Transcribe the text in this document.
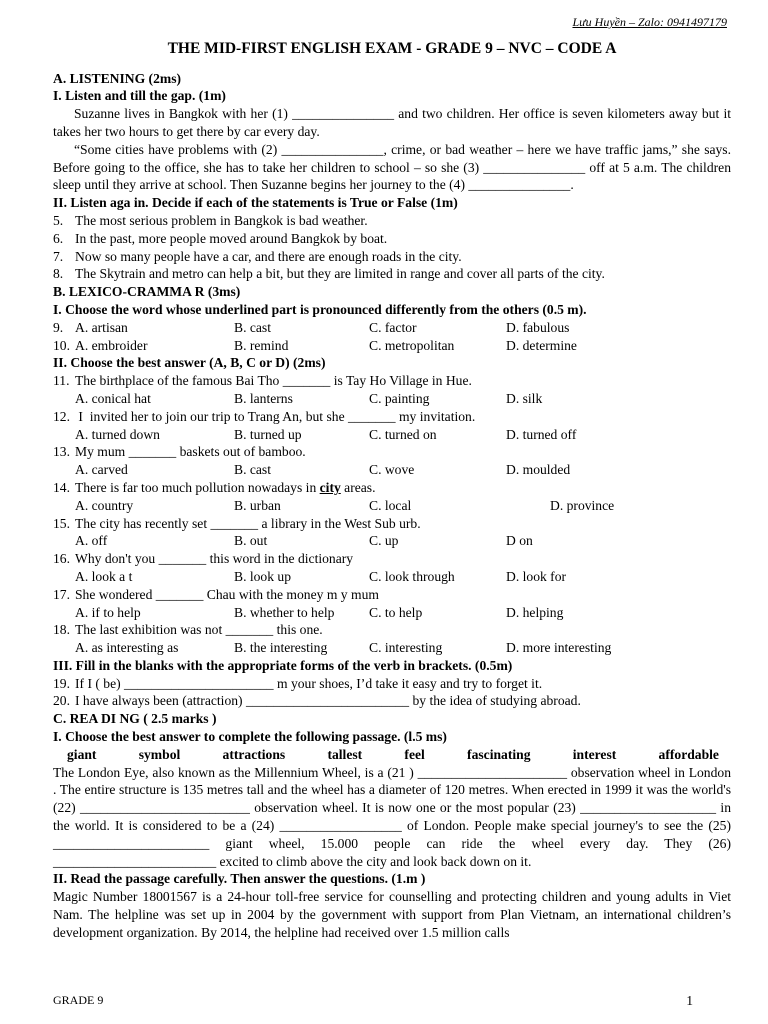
Lưu Huyền – Zalo: 0941497179
THE MID-FIRST ENGLISH EXAM - GRADE 9 – NVC – CODE A
A. LISTENING (2ms)
I. Listen and till the gap. (1m)
Suzanne lives in Bangkok with her (1) _______________ and two children. Her office is seven kilometers away but it takes her two hours to get there by car every day.
“Some cities have problems with (2) _______________, crime, or bad weather – here we have traffic jams,” she says. Before going to the office, she has to take her children to school – so she (3) _______________ off at 5 a.m. The children sleep until they arrive at school. Then Suzanne begins her journey to the (4) _______________.
II. Listen aga in. Decide if each of the statements is True or False (1m)
5. The most serious problem in Bangkok is bad weather.
6. In the past, more people moved around Bangkok by boat.
7. Now so many people have a car, and there are enough roads in the city.
8. The Skytrain and metro can help a bit, but they are limited in range and cover all parts of the city.
B. LEXICO-CRAMMA R (3ms)
I. Choose the word whose underlined part is pronounced differently from the others (0.5 m).
9. A. artisan	B. cast	C. factor	D. fabulous
10. A. embroider	B. remind	C. metropolitan	D. determine
II. Choose the best answer (A, B, C or D) (2ms)
11. The birthplace of the famous Bai Tho _______ is Tay Ho Village in Hue.
A. conical hat	B. lanterns	C. painting	D. silk
12. I  invited her to join our trip to Trang An, but she _______ my invitation.
A. turned down	B. turned up	C. turned on	D. turned off
13. My mum _______ baskets out of bamboo.
A. carved	B. cast	C. wove	D. moulded
14. There is far too much pollution nowadays in city areas.
A. country	B. urban	C. local	D. province
15. The city has recently set _______ a library in the West Sub urb.
A. off	B. out	C. up	D on
16. Why don't you _______ this word in the dictionary
A. look a t	B. look up	C. look through	D. look for
17. She wondered _______ Chau with the money m y mum
A. if to help	B. whether to help	C. to help	D. helping
18. The last exhibition was not _______ this one.
A. as interesting as	B. the interesting	C. interesting	D. more interesting
III. Fill in the blanks with the appropriate forms of the verb in brackets. (0.5m)
19. If I ( be) ______________________ m your shoes, I’d take it easy and try to forget it.
20. I have always been (attraction) ________________________ by the idea of studying abroad.
C. REA DI NG ( 2.5 marks )
I. Choose the best answer to complete the following passage. (l.5 ms)
giant	symbol	attractions	tallest	feel	fascinating	interest	affordable
The London Eye, also known as the Millennium Wheel, is a (21 ) ______________________ observation wheel in London . The entire structure is 135 metres tall and the wheel has a diameter of 120 metres. When erected in 1999 it was the world's (22) _________________________ observation wheel. It is now one or the most popular (23) ____________________ in the world. It is considered to be a (24) __________________ of London. People make special journey's to see the (25) _______________________ giant wheel, 15.000 people can ride the wheel every day. They (26) ________________________ excited to climb above the city and look back down on it.
II. Read the passage carefully. Then answer the questions. (1.m )
Magic Number 18001567 is a 24-hour toll-free service for counselling and protecting children and young adults in Viet Nam. The helpline was set up in 2004 by the government with support from Plan Vietnam, an international children’s development organization. By 2014, the helpline had received over 1.5 million calls
GRADE 9	1
